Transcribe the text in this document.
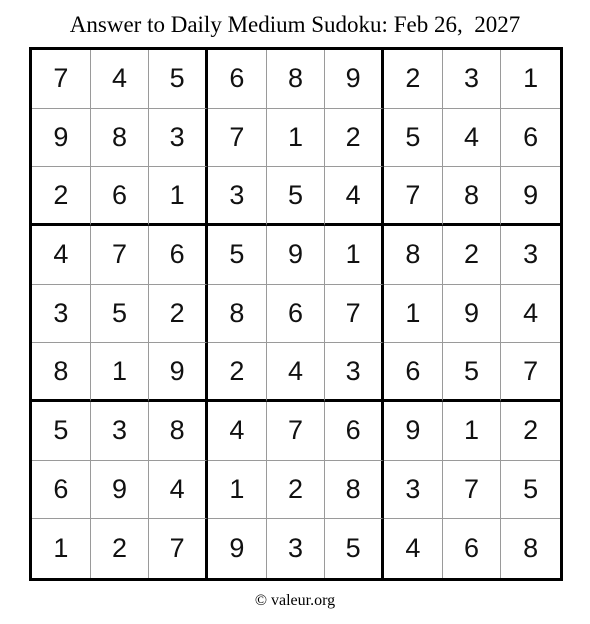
Answer to Daily Medium Sudoku: Feb 26,  2027
7	4	5	6	8	9	2	3	1
9	8	3	7	1	2	5	4	6
2	6	1	3	5	4	7	8	9
4	7	6	5	9	1	8	2	3
3	5	2	8	6	7	1	9	4
8	1	9	2	4	3	6	5	7
5	3	8	4	7	6	9	1	2
6	9	4	1	2	8	3	7	5
1	2	7	9	3	5	4	6	8
© valeur.org
